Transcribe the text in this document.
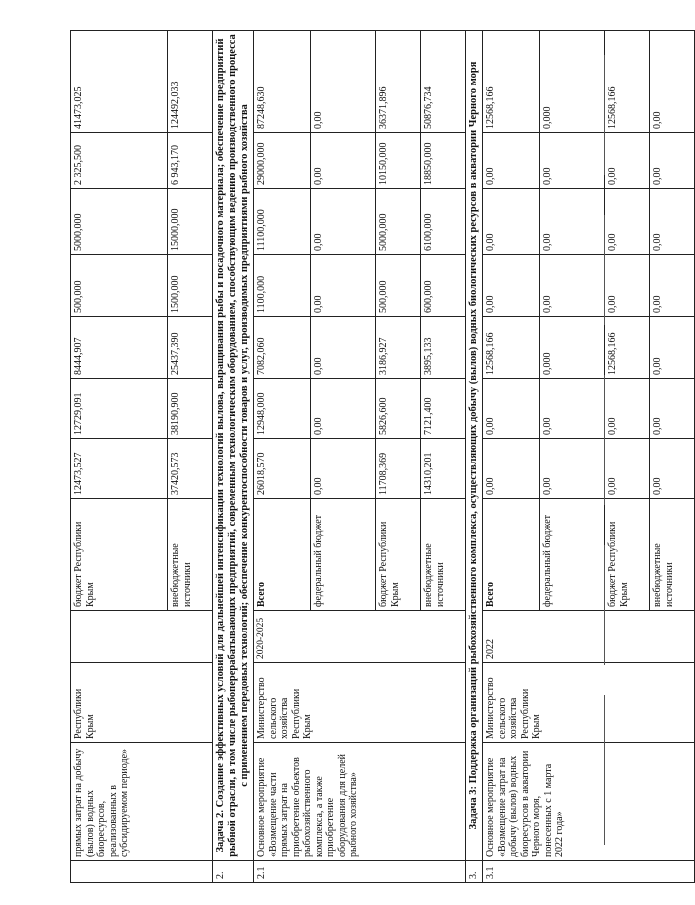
	прямых затрат на добычу (вылов) водных биоресурсов, реализованных в субсидируемом периоде»	Республики Крым		бюджет Республики Крым	12473,527	12729,091	8444,907	500,000	5000,000	2 325,500	41473,025
				внебюджетные источники	37420,573	38190,900	25437,390	1500,000	15000,000	6 943,170	124492,033
2.	Задача 2. Создание эффективных условий для дальнейшей интенсификации технологий вылова, выращивания рыбы и посадочного материала; обеспечение предприятий рыбной отрасли, в том числе рыбоперерабатывающих предприятий, современным технологическим оборудованием, способствующим ведению производственного процесса с применением передовых технологий; обеспечение конкурентоспособности товаров и услуг, производимых предприятиями рыбного хозяйства										
2.1	Основное мероприятие «Возмещение части прямых затрат на приобретение объектов рыбохозяйственного комплекса, а также приобретение оборудования для целей рыбного хозяйства»	Министерство сельского хозяйства Республики Крым	2020-2025	Всего	26018,570	12948,000	7082,060	1100,000	11100,000	29000,000	87248,630
				федеральный бюджет	0,00	0,00	0,00	0,00	0,00	0,00	0,00
				бюджет Республики Крым	11708,369	5826,600	3186,927	500,000	5000,000	10150,000	36371,896
				внебюджетные источники	14310,201	7121,400	3895,133	600,000	6100,000	18850,000	50876,734
3.	Задача 3: Поддержка организаций рыбохозяйственного комплекса, осуществляющих добычу (вылов) водных биологических ресурсов в акватории Черного моря										
3.1	Основное мероприятие «Возмещение затрат на добычу (вылов) водных биоресурсов в акватории Черного моря, понесенных с 1 марта 2022 года»	Министерство сельского хозяйства Республики Крым	2022	Всего	0,00	0,00	12568,166	0,00	0,00	0,00	12568,166
				федеральный бюджет	0,00	0,00	0,000	0,00	0,00	0,00	0,000
				бюджет Республики Крым	0,00	0,00	12568,166	0,00	0,00	0,00	12568,166
				внебюджетные источники	0,00	0,00	0,00	0,00	0,00	0,00	0,00
